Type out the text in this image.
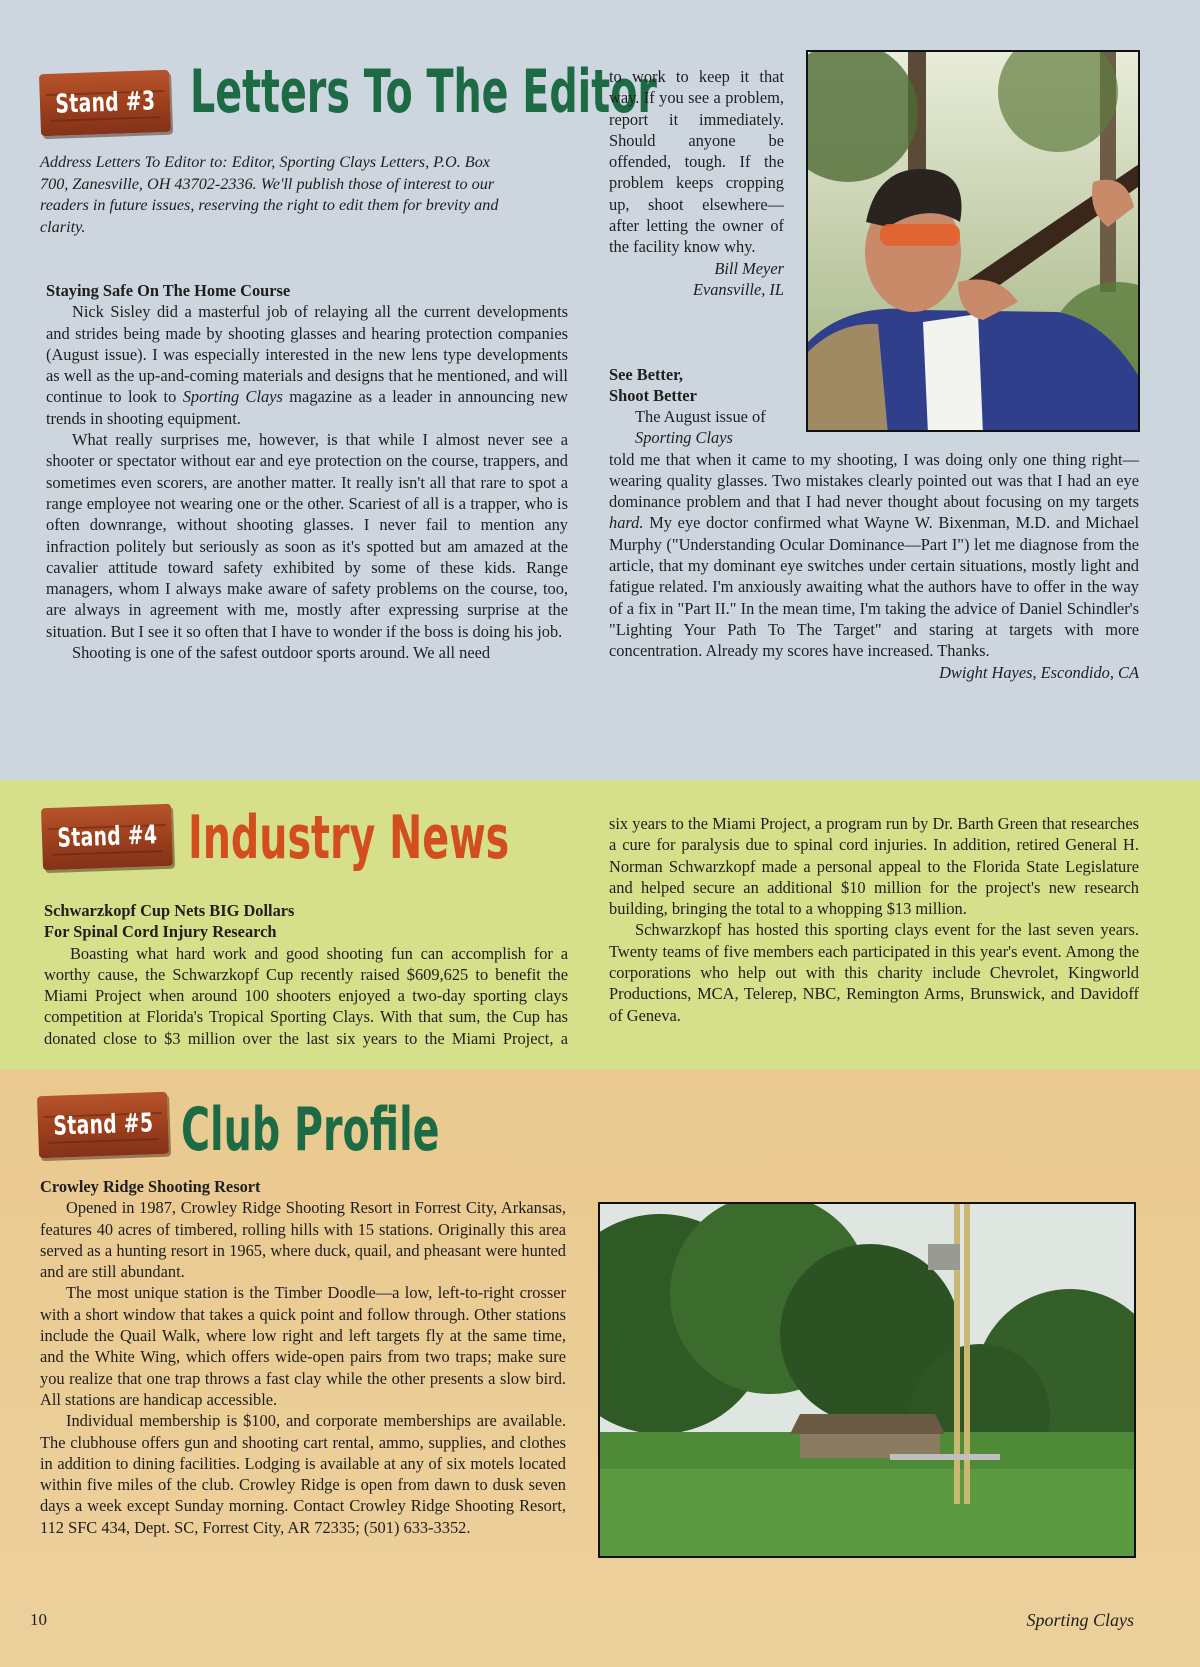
Stand #3 Letters To The Editor

Address Letters To Editor to: Editor, Sporting Clays Letters, P.O. Box 700, Zanesville, OH 43702-2336. We'll publish those of interest to our readers in future issues, reserving the right to edit them for brevity and clarity.

Staying Safe On The Home Course

Nick Sisley did a masterful job of relaying all the current developments and strides being made by shooting glasses and hearing protection companies (August issue). I was especially interested in the new lens type developments as well as the up-and-coming materials and designs that he mentioned, and will continue to look to Sporting Clays magazine as a leader in announcing new trends in shooting equipment.

What really surprises me, however, is that while I almost never see a shooter or spectator without ear and eye protection on the course, trappers, and sometimes even scorers, are another matter. It really isn't all that rare to spot a range employee not wearing one or the other. Scariest of all is a trapper, who is often downrange, without shooting glasses. I never fail to mention any infraction politely but seriously as soon as it's spotted but am amazed at the cavalier attitude toward safety exhibited by some of these kids. Range managers, whom I always make aware of safety problems on the course, too, are always in agreement with me, mostly after expressing surprise at the situation. But I see it so often that I have to wonder if the boss is doing his job.

Shooting is one of the safest outdoor sports around. We all need

to work to keep it that way. If you see a problem, report it immediately. Should anyone be offended, tough. If the problem keeps cropping up, shoot elsewhere—after letting the owner of the facility know why.

Bill Meyer

Evansville, IL

See Better,

Shoot Better

The August issue of Sporting Clays

told me that when it came to my shooting, I was doing only one thing right—wearing quality glasses. Two mistakes clearly pointed out was that I had an eye dominance problem and that I had never thought about focusing on my targets hard. My eye doctor confirmed what Wayne W. Bixenman, M.D. and Michael Murphy ("Understanding Ocular Dominance—Part I") let me diagnose from the article, that my dominant eye switches under certain situations, mostly light and fatigue related. I'm anxiously awaiting what the authors have to offer in the way of a fix in "Part II." In the mean time, I'm taking the advice of Daniel Schindler's "Lighting Your Path To The Target" and staring at targets with more concentration. Already my scores have increased. Thanks.

Dwight Hayes, Escondido, CA

Stand #4 Industry News

Schwarzkopf Cup Nets BIG Dollars

For Spinal Cord Injury Research

Boasting what hard work and good shooting fun can accomplish for a worthy cause, the Schwarzkopf Cup recently raised $609,625 to benefit the Miami Project when around 100 shooters enjoyed a two-day sporting clays competition at Florida's Tropical Sporting Clays. With that sum, the Cup has donated close to $3 million over the last six years to the Miami Project, a

six years to the Miami Project, a program run by Dr. Barth Green that researches a cure for paralysis due to spinal cord injuries. In addition, retired General H. Norman Schwarzkopf made a personal appeal to the Florida State Legislature and helped secure an additional $10 million for the project's new research building, bringing the total to a whopping $13 million.

Schwarzkopf has hosted this sporting clays event for the last seven years. Twenty teams of five members each participated in this year's event. Among the corporations who help out with this charity include Chevrolet, Kingworld Productions, MCA, Telerep, NBC, Remington Arms, Brunswick, and Davidoff of Geneva.

Stand #5 Club Profile

Crowley Ridge Shooting Resort

Opened in 1987, Crowley Ridge Shooting Resort in Forrest City, Arkansas, features 40 acres of timbered, rolling hills with 15 stations. Originally this area served as a hunting resort in 1965, where duck, quail, and pheasant were hunted and are still abundant.

The most unique station is the Timber Doodle—a low, left-to-right crosser with a short window that takes a quick point and follow through. Other stations include the Quail Walk, where low right and left targets fly at the same time, and the White Wing, which offers wide-open pairs from two traps; make sure you realize that one trap throws a fast clay while the other presents a slow bird. All stations are handicap accessible.

Individual membership is $100, and corporate memberships are available. The clubhouse offers gun and shooting cart rental, ammo, supplies, and clothes in addition to dining facilities. Lodging is available at any of six motels located within five miles of the club. Crowley Ridge is open from dawn to dusk seven days a week except Sunday morning. Contact Crowley Ridge Shooting Resort, 112 SFC 434, Dept. SC, Forrest City, AR 72335; (501) 633-3352.

10	Sporting Clays
